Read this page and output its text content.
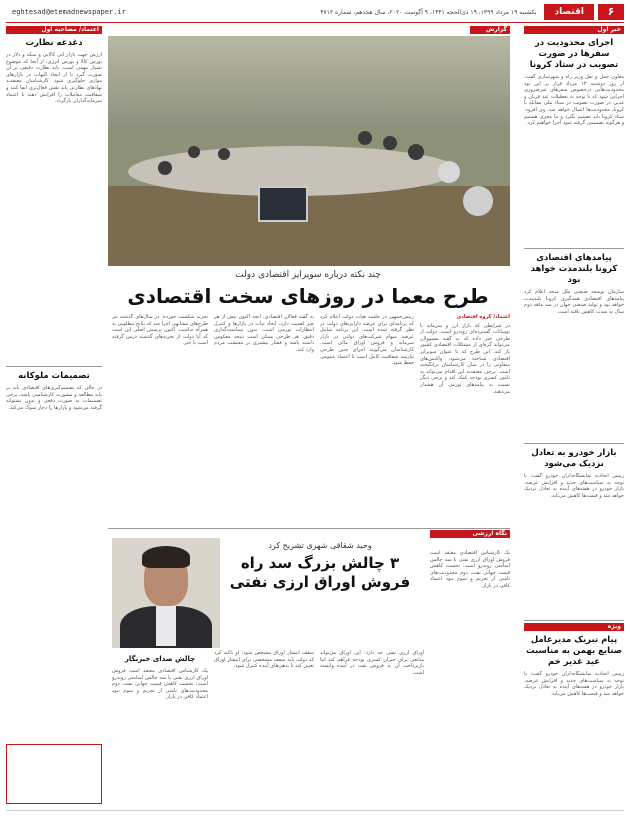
۶
اقتصاد
یکشنبه ۱۹ مرداد ۱۳۹۹، ۱۹ ذی‌الحجه ۱۴۴۱، ۹ آگوست ۲۰۲۰، سال هجدهم، شماره ۴۷۱۳
eghtesad@etemadnewspaper.ir
خبر اول
اجرای محدودیت در سفرها در صورت تصویب در ستاد کرونا
معاون حمل و نقل وزیر راه و شهرسازی گفت: از روز دوشنبه ۱۳ مرداد قرار بر این بود محدودیت‌هایی درخصوص سفرهای غیرضروری اجرایی شود که با توجه به تعطیلات عید قربان و غدیر، در صورت تصویب در ستاد ملی مقابله با کرونا، محدودیت‌ها اعمال خواهد شد. وی افزود: ستاد کرونا باید تصمیم بگیرد و ما مجری هستیم و هرگونه تصمیمی گرفته شود اجرا خواهیم کرد.
پیامدهای اقتصادی کرونا بلندمدت خواهد بود
سازمان توسعه صنعتی ملل متحد اعلام کرد پیامدهای اقتصادی همه‌گیری کرونا بلندمدت خواهد بود و تولید صنعتی جهان در سه ماهه دوم سال به شدت کاهش یافته است.
بازار خودرو به تعادل نزدیک می‌شود
رییس اتحادیه نمایشگاه‌داران خودرو گفت: با توجه به سیاست‌های جدید و افزایش عرضه، بازار خودرو در هفته‌های آینده به تعادل نزدیک خواهد شد و قیمت‌ها کاهش می‌یابد.
ویژه
پیام تبریک مدیرعامل صنایع بهمن به مناسبت عید غدیر خم
رییس اتحادیه نمایشگاه‌داران خودرو گفت: با توجه به سیاست‌های جدید و افزایش عرضه، بازار خودرو در هفته‌های آینده به تعادل نزدیک خواهد شد و قیمت‌ها کاهش می‌یابد.
گزارش
چند نکته درباره سوپرایز اقتصادی دولت
طرح معما در روزهای سخت اقتصادی
اعتماد/ گروه اقتصادی
در شرایطی که بازار ارز و سرمایه با نوسانات گسترده‌ای روبه‌رو است، دولت از طرحی خبر داده که به گفته مسوولان می‌تواند گره‌ای از مشکلات اقتصادی کشور باز کند. این طرح که با عنوان سوپرایز اقتصادی شناخته می‌شود، واکنش‌های متفاوتی را در میان کارشناسان برانگیخته است. برخی معتقدند این اقدام می‌تواند به تامین کسری بودجه کمک کند و برخی دیگر نسبت به پیامدهای تورمی آن هشدار می‌دهند.
رییس‌جمهور در جلسه هیات دولت اعلام کرد که برنامه‌ای برای عرضه دارایی‌های دولت در نظر گرفته شده است. این برنامه شامل عرضه سهام شرکت‌های دولتی در بازار سرمایه و فروش اوراق مالی است. کارشناسان می‌گویند اجرای چنین طرحی نیازمند شفافیت کامل است تا اعتماد عمومی حفظ شود.
به گفته فعالان اقتصادی، آنچه اکنون بیش از هر چیز اهمیت دارد، ایجاد ثبات در بازارها و کنترل انتظارات تورمی است. بدون سیاست‌گذاری دقیق، هر طرحی ممکن است نتیجه معکوس داشته باشد و فشار بیشتری بر معیشت مردم وارد کند.
تجربه شکست خورده: در سال‌های گذشته نیز طرح‌های مشابهی اجرا شد که نتایج مطلوبی به همراه نداشت. اکنون پرسش اصلی این است که آیا دولت از تجربه‌های گذشته درس گرفته است یا خیر.
نگاه ارزشی
وحید شقاقی شهری تشریح کرد
۳ چالش بزرگ سد راه فروش اوراق ارزی نفتی
یک کارشناس اقتصادی معتقد است فروش اوراق ارزی نفتی با سه چالش اساسی روبه‌رو است: نخست کاهش قیمت جهانی نفت، دوم محدودیت‌های ناشی از تحریم و سوم نبود اعتماد کافی در بازار.
اوراق ارزی نفتی چه دارد: این اوراق می‌تواند منابعی برای جبران کسری بودجه فراهم کند اما بازپرداخت آن به فروش نفت در آینده وابسته است.
سقف انتشار اوراق مشخص شود: او تاکید کرد که دولت باید سقف مشخصی برای انتشار اوراق تعیین کند تا بدهی‌های آینده کنترل شود.
چالش صدای خبرنگار
یک کارشناس اقتصادی معتقد است فروش اوراق ارزی نفتی با سه چالش اساسی روبه‌رو است: نخست کاهش قیمت جهانی نفت، دوم محدودیت‌های ناشی از تحریم و سوم نبود اعتماد کافی در بازار.
اعتماد/ مصاحبه اول
دغدغه نظارت
ارزش جهت بازار آتی کالایی و سکه و دلار در بورس کالا و بورس انرژی، از آنجا که موضوع بسیار مهمی است، باید نظارت دقیقی بر آن صورت گیرد تا از ایجاد التهاب در بازارهای موازی جلوگیری شود. کارشناسان معتقدند نهادهای نظارتی باید نقش فعال‌تری ایفا کنند و شفافیت معاملات را افزایش دهند تا اعتماد سرمایه‌گذاران بازگردد.
تصمیمات ملوکانه
در حالی که تصمیم‌گیری‌های اقتصادی باید بر پایه مطالعه و مشورت کارشناسی باشد، برخی تصمیمات به صورت دفعی و بدون پشتوانه گرفته می‌شود و بازارها را دچار شوک می‌کند.
